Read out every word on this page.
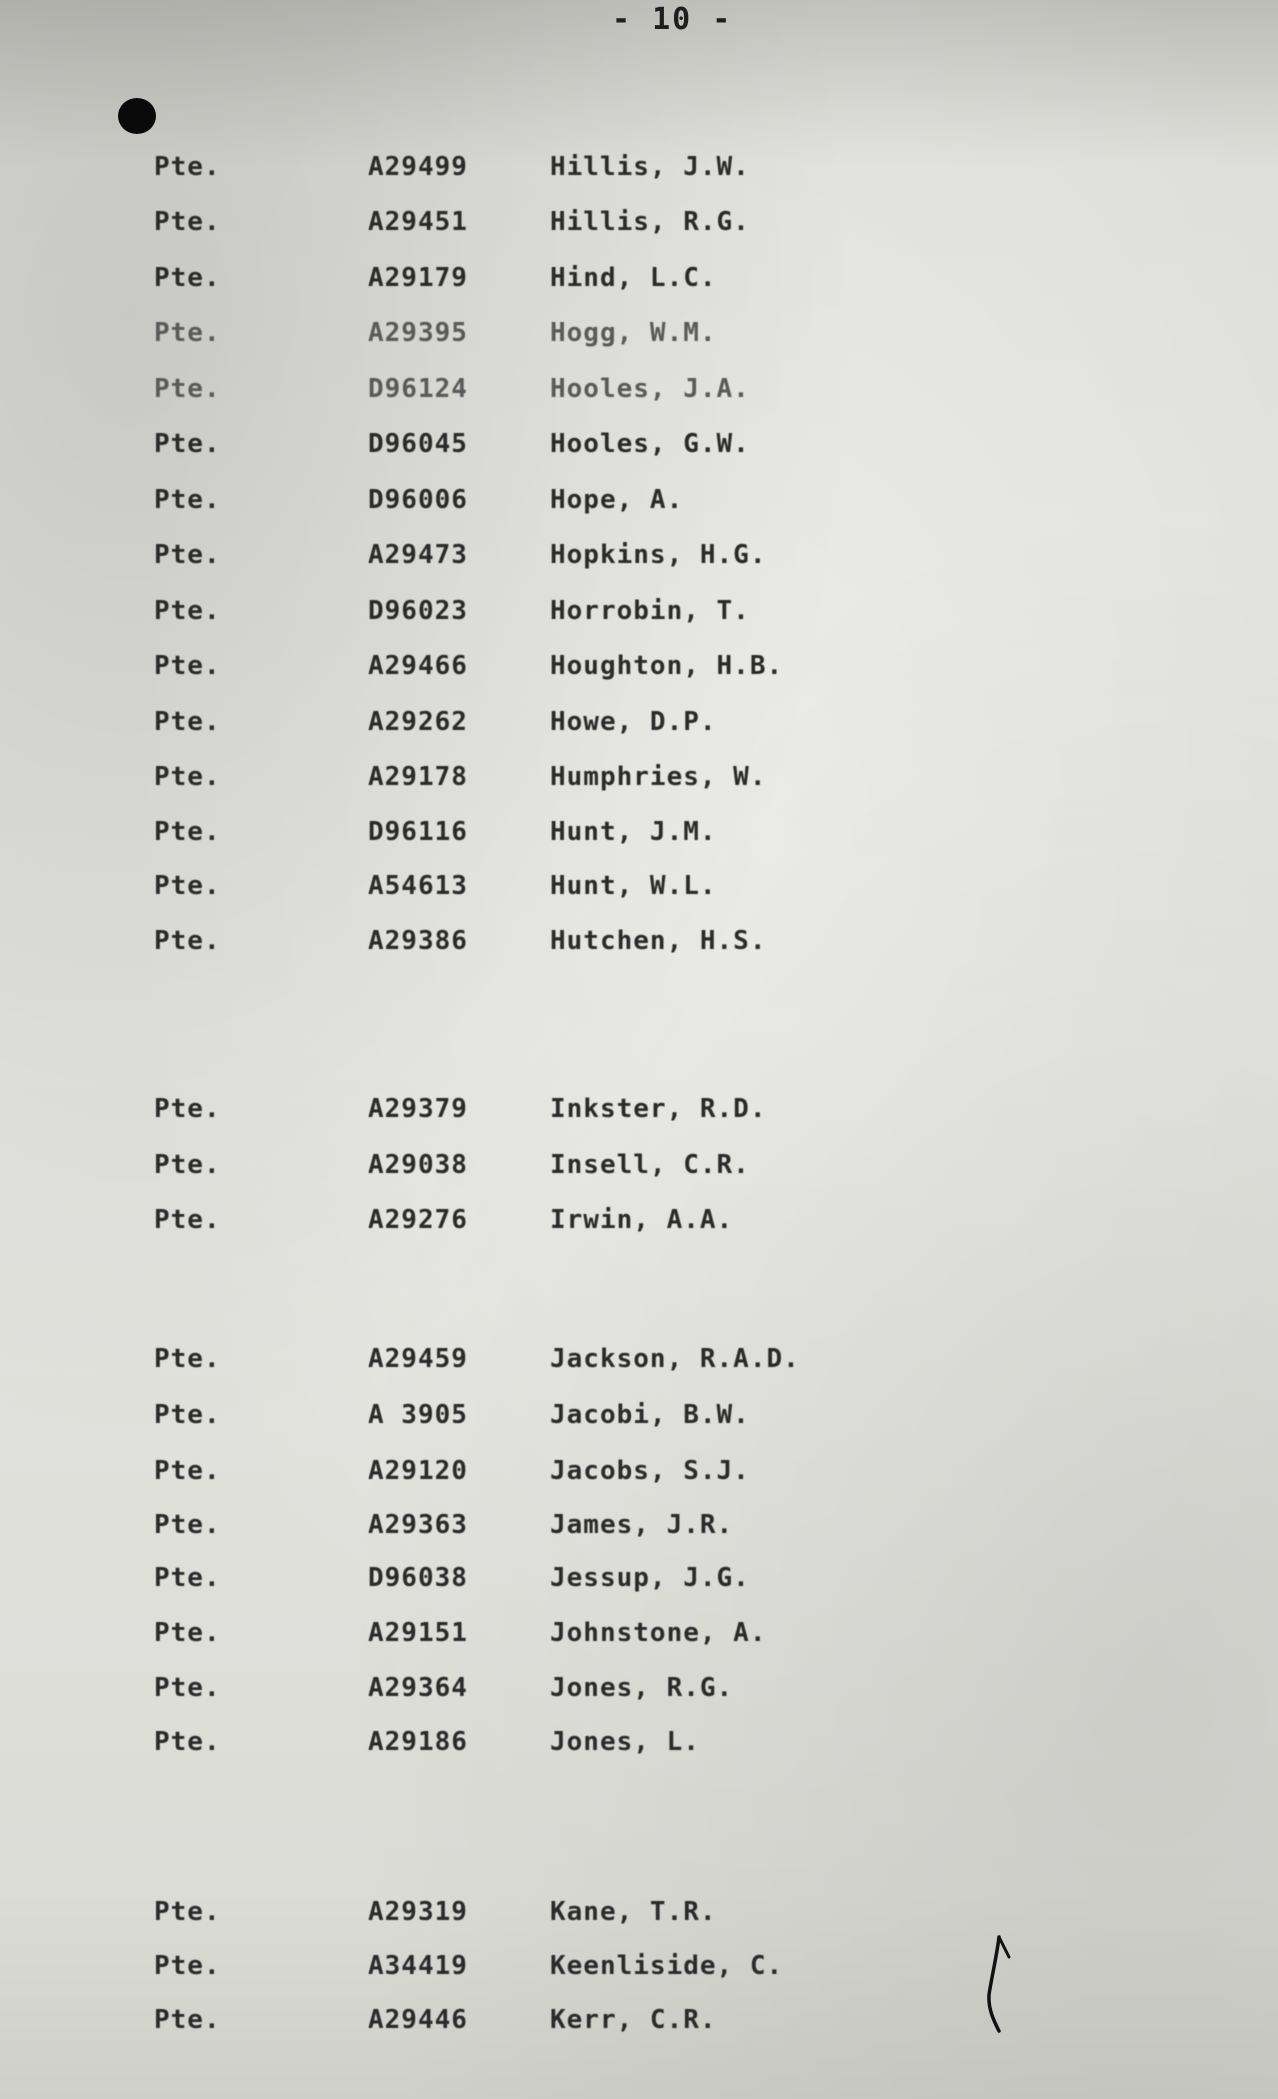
- 10 -
Pte.	A29499	Hillis, J.W.
Pte.	A29451	Hillis, R.G.
Pte.	A29179	Hind, L.C.
Pte.	A29395	Hogg, W.M.
Pte.	D96124	Hooles, J.A.
Pte.	D96045	Hooles, G.W.
Pte.	D96006	Hope, A.
Pte.	A29473	Hopkins, H.G.
Pte.	D96023	Horrobin, T.
Pte.	A29466	Houghton, H.B.
Pte.	A29262	Howe, D.P.
Pte.	A29178	Humphries, W.
Pte.	D96116	Hunt, J.M.
Pte.	A54613	Hunt, W.L.
Pte.	A29386	Hutchen, H.S.
Pte.	A29379	Inkster, R.D.
Pte.	A29038	Insell, C.R.
Pte.	A29276	Irwin, A.A.
Pte.	A29459	Jackson, R.A.D.
Pte.	A 3905	Jacobi, B.W.
Pte.	A29120	Jacobs, S.J.
Pte.	A29363	James, J.R.
Pte.	D96038	Jessup, J.G.
Pte.	A29151	Johnstone, A.
Pte.	A29364	Jones, R.G.
Pte.	A29186	Jones, L.
Pte.	A29319	Kane, T.R.
Pte.	A34419	Keenliside, C.
Pte.	A29446	Kerr, C.R.
